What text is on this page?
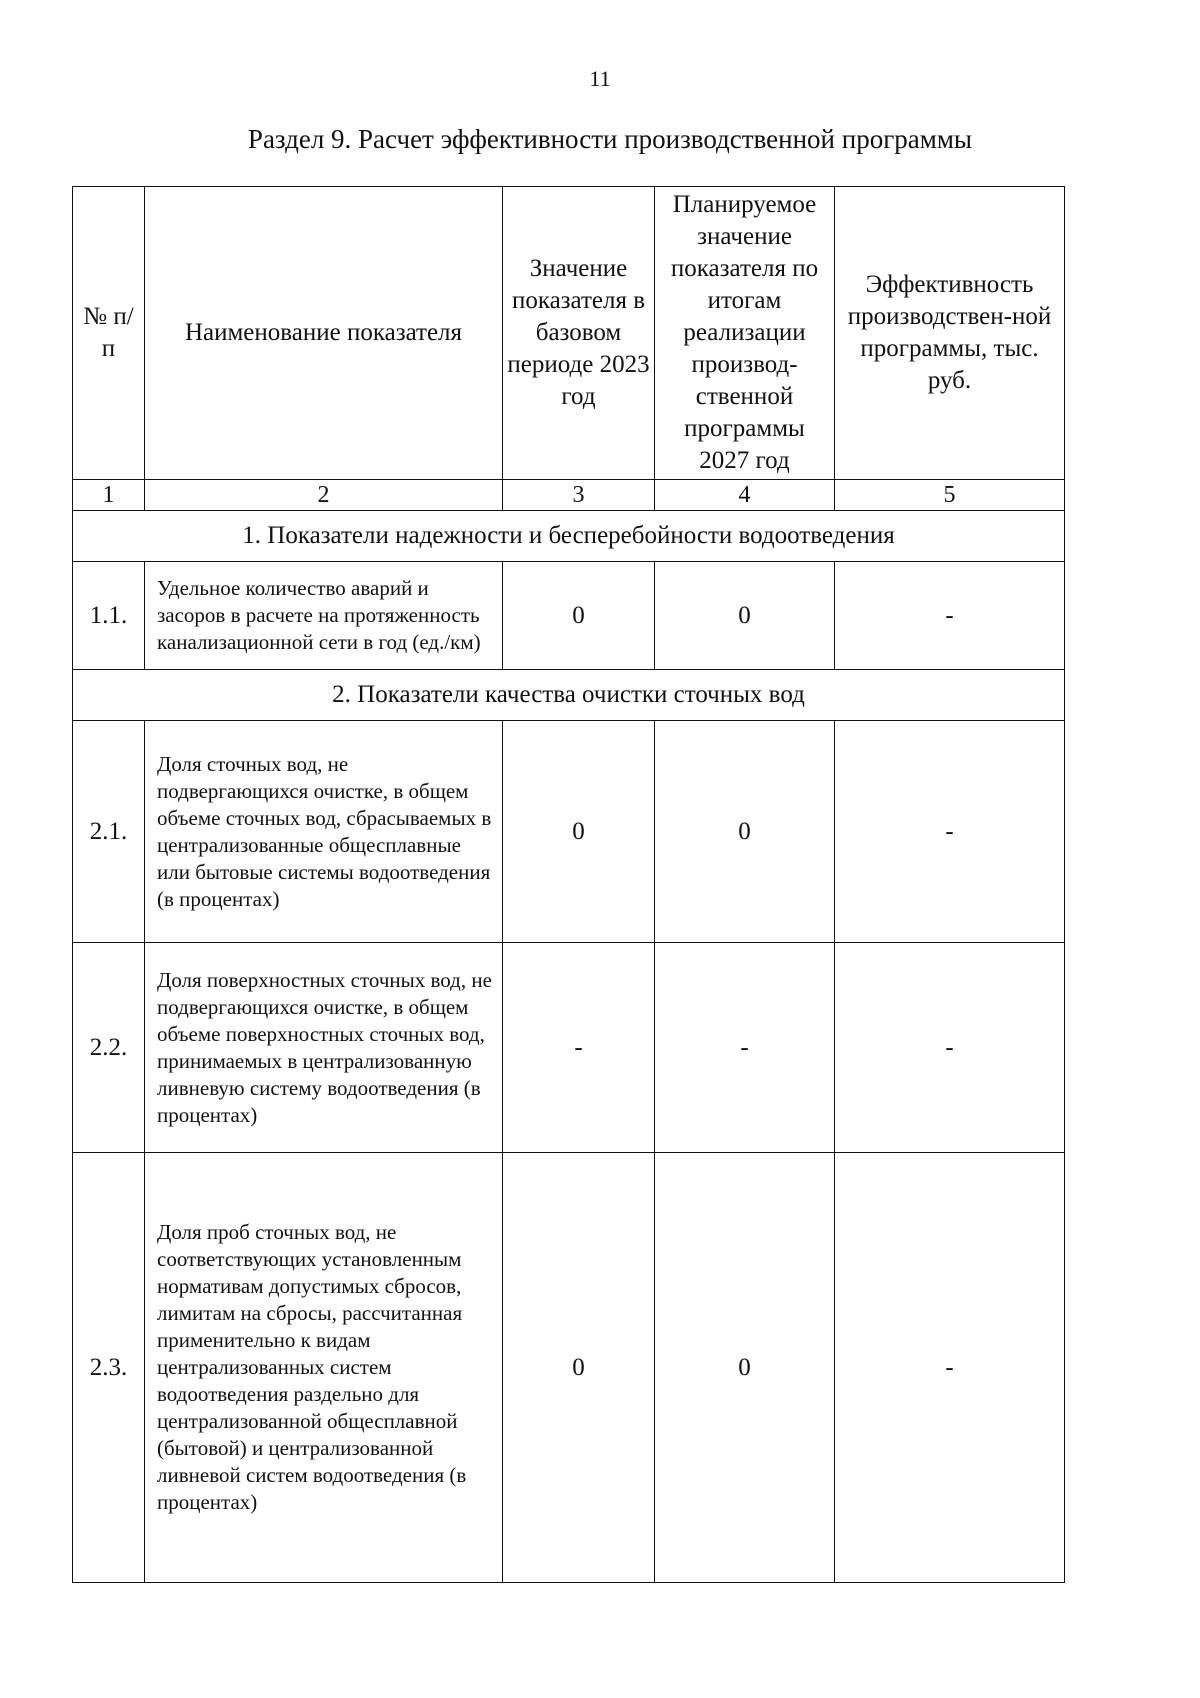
11
Раздел 9. Расчет эффективности производственной программы
№ п/п	Наименование показателя	Значение показателя в базовом периоде 2023 год	Планируемое значение показателя по итогам реализации производ-ственной программы 2027 год	Эффективность производствен-ной программы, тыс. руб.
1	2	3	4	5
1. Показатели надежности и бесперебойности водоотведения				
1.1.	Удельное количество аварий и засоров в расчете на протяженность канализационной сети в год (ед./км)	0	0	-
2. Показатели качества очистки сточных вод				
2.1.	Доля сточных вод, не подвергающихся очистке, в общем объеме сточных вод, сбрасываемых в централизованные общесплавные или бытовые системы водоотведения (в процентах)	0	0	-
2.2.	Доля поверхностных сточных вод, не подвергающихся очистке, в общем объеме поверхностных сточных вод, принимаемых в централизованную ливневую систему водоотведения (в процентах)	-	-	-
2.3.	Доля проб сточных вод, не соответствующих установленным нормативам допустимых сбросов, лимитам на сбросы, рассчитанная применительно к видам централизованных систем водоотведения раздельно для централизованной общесплавной (бытовой) и централизованной ливневой систем водоотведения (в процентах)	0	0	-
